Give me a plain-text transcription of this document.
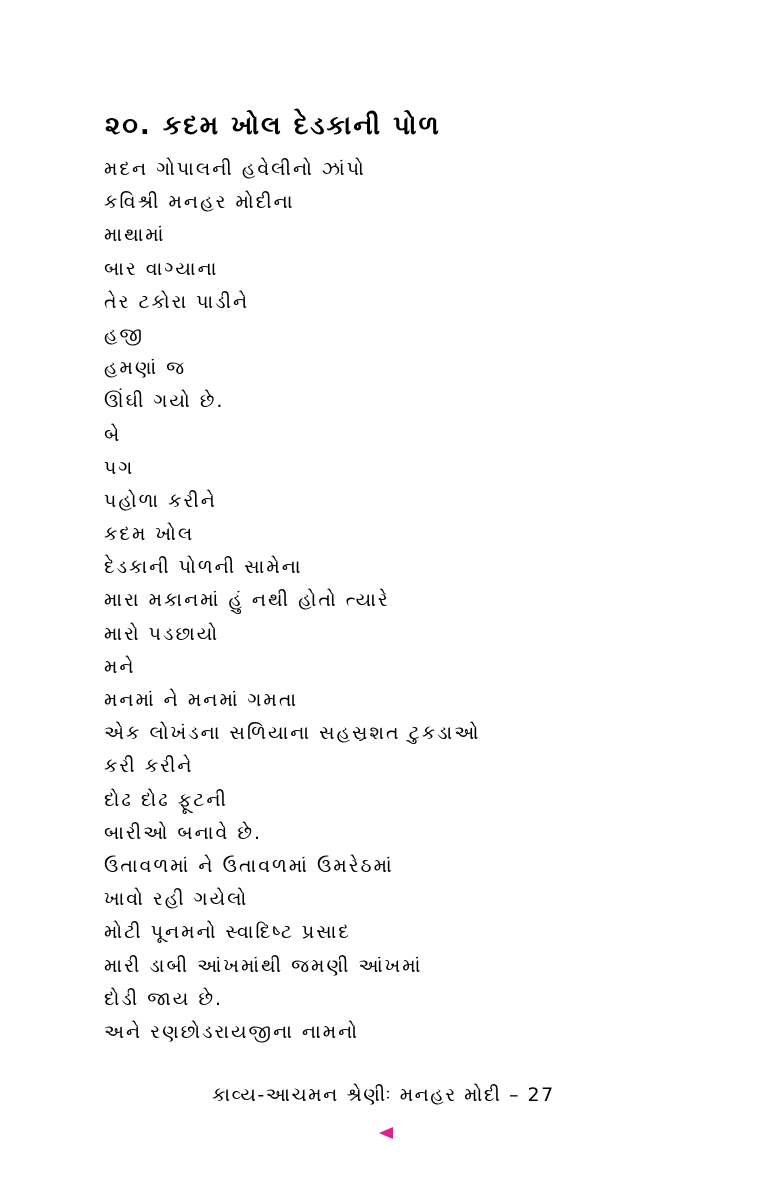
૨૦. કદમ ખોલ દેડકાની પોળ
મદન ગોપાલની હવેલીનો ઝાંપો
કવિશ્રી મનહર મોદીના
માથામાં
બાર વાગ્યાના
તેર ટકોરા પાડીને
હજી
હમણાં જ
ઊંઘી ગયો છે.
બે
પગ
પહોળા કરીને
કદમ ખોલ
દેડકાની પોળની સામેના
મારા મકાનમાં હું નથી હોતો ત્યારે
મારો પડછાયો
મને
મનમાં ને મનમાં ગમતા
એક લોખંડના સળિયાના સહસ્રશત ટુકડાઓ
કરી કરીને
દોઢ દોઢ ફૂટની
બારીઓ બનાવે છે.
ઉતાવળમાં ને ઉતાવળમાં ઉમરેઠમાં
ખાવો રહી ગયેલો
મોટી પૂનમનો સ્વાદિષ્ટ પ્રસાદ
મારી ડાબી આંખમાંથી જમણી આંખમાં
દોડી જાય છે.
અને રણછોડરાયજીના નામનો
કાવ્ય-આચમન શ્રેણીઃ મનહર મોદી – 27
